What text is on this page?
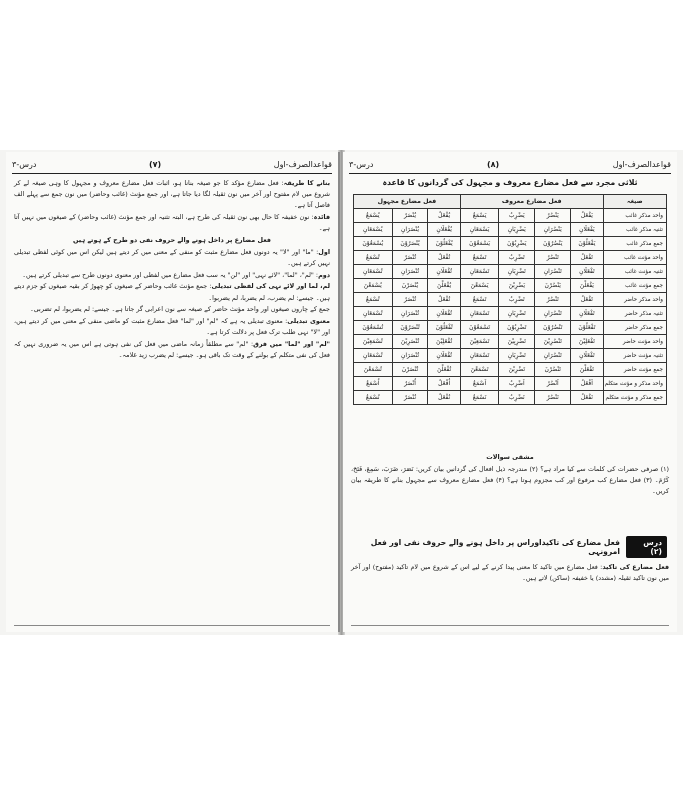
قواعدالصرف-اول
(۷)
درس-۳

بنانے کا طریقہ: فعل مضارع مؤکد کا جو صیغہ بنانا ہو، اثبات فعل مضارع معروف و مجہول کا وہی صیغہ لے کر شروع میں لام مفتوح اور آخر میں نون ثقیلہ لگا دیا جاتا ہے، اور جمع مؤنث (غائب وحاضر) میں نون جمع سے پہلے الف فاصل آتا ہے۔

فائدہ: نون خفیفہ کا حال بھی نون ثقیلہ کی طرح ہے، البتہ تثنیہ اور جمع مؤنث (غائب وحاضر) کے صیغوں میں نہیں آتا ہے۔

فعل مضارع پر داخل ہونے والے حروف نفی دو طرح کے ہوتے ہیں

اول: "ما" اور "لا" یہ دونوں فعل مضارع مثبت کو منفی کے معنی میں کر دیتے ہیں لیکن اس میں کوئی لفظی تبدیلی نہیں کرتے ہیں۔

دوم: "لم"، "لما"، "لائے نہی" اور "لن" یہ سب فعل مضارع میں لفظی اور معنوی دونوں طرح سے تبدیلی کرتے ہیں۔

لم، لما اور لائے نہی کی لفظی تبدیلی: جمع مؤنث غائب وحاضر کے صیغوں کو چھوڑ کر بقیہ صیغوں کو جزم دیتے ہیں۔ جیسے: لم یضرب، لم یضربا، لم یضربوا۔

جمع کے چاروں صیغوں اور واحد مؤنث حاضر کے صیغہ سے نون اعرابی گر جاتا ہے۔ جیسے: لم یضربوا، لم تضربی۔

معنوی تبدیلی: معنوی تبدیلی یہ ہے کہ "لم" اور "لما" فعل مضارع مثبت کو ماضی منفی کے معنی میں کر دیتے ہیں، اور "لا" نہی طلب ترک فعل پر دلالت کرتا ہے۔

"لم" اور "لما" میں فرق: "لم" سے مطلقاً زمانہ ماضی میں فعل کی نفی ہوتی ہے اس میں یہ ضروری نہیں کہ فعل کی نفی متکلم کے بولنے کے وقت تک باقی ہو۔ جیسے: لم یضرب زید غلامہ۔

قواعدالصرف-اول
(۸)
درس-۳
ثلاثی مجرد سے فعل مضارع معروف و مجہول کی گردانوں کا قاعدہ
صیغہ	فعل مضارع معروف				فعل مضارع مجہول		
واحد مذکر غائب	یَفْعَلُ	یَنْصُرُ	یَضْرِبُ	یَسْمَعُ	یُفْعَلُ	یُنْصَرُ	یُسْمَعُ
تثنیہ مذکر غائب	یَفْعَلَانِ	یَنْصُرَانِ	یَضْرِبَانِ	یَسْمَعَانِ	یُفْعَلَانِ	یُنْصَرَانِ	یُسْمَعَانِ
جمع مذکر غائب	یَفْعَلُوْنَ	یَنْصُرُوْنَ	یَضْرِبُوْنَ	یَسْمَعُوْنَ	یُفْعَلُوْنَ	یُنْصَرُوْنَ	یُسْمَعُوْنَ
واحد مؤنث غائب	تَفْعَلُ	تَنْصُرُ	تَضْرِبُ	تَسْمَعُ	تُفْعَلُ	تُنْصَرُ	تُسْمَعُ
تثنیہ مؤنث غائب	تَفْعَلَانِ	تَنْصُرَانِ	تَضْرِبَانِ	تَسْمَعَانِ	تُفْعَلَانِ	تُنْصَرَانِ	تُسْمَعَانِ
جمع مؤنث غائب	یَفْعَلْنَ	یَنْصُرْنَ	یَضْرِبْنَ	یَسْمَعْنَ	یُفْعَلْنَ	یُنْصَرْنَ	یُسْمَعْنَ
واحد مذکر حاضر	تَفْعَلُ	تَنْصُرُ	تَضْرِبُ	تَسْمَعُ	تُفْعَلُ	تُنْصَرُ	تُسْمَعُ
تثنیہ مذکر حاضر	تَفْعَلَانِ	تَنْصُرَانِ	تَضْرِبَانِ	تَسْمَعَانِ	تُفْعَلَانِ	تُنْصَرَانِ	تُسْمَعَانِ
جمع مذکر حاضر	تَفْعَلُوْنَ	تَنْصُرُوْنَ	تَضْرِبُوْنَ	تَسْمَعُوْنَ	تُفْعَلُوْنَ	تُنْصَرُوْنَ	تُسْمَعُوْنَ
واحد مؤنث حاضر	تَفْعَلِیْنَ	تَنْصُرِیْنَ	تَضْرِبِیْنَ	تَسْمَعِیْنَ	تُفْعَلِیْنَ	تُنْصَرِیْنَ	تُسْمَعِیْنَ
تثنیہ مؤنث حاضر	تَفْعَلَانِ	تَنْصُرَانِ	تَضْرِبَانِ	تَسْمَعَانِ	تُفْعَلَانِ	تُنْصَرَانِ	تُسْمَعَانِ
جمع مؤنث حاضر	تَفْعَلْنَ	تَنْصُرْنَ	تَضْرِبْنَ	تَسْمَعْنَ	تُفْعَلْنَ	تُنْصَرْنَ	تُسْمَعْنَ
واحد مذکر و مؤنث متکلم	اَفْعَلُ	اَنْصُرُ	اَضْرِبُ	اَسْمَعُ	اُفْعَلُ	اُنْصَرُ	اُسْمَعُ
جمع مذکر و مؤنث متکلم	نَفْعَلُ	نَنْصُرُ	نَضْرِبُ	نَسْمَعُ	نُفْعَلُ	نُنْصَرُ	نُسْمَعُ

مشقی سوالات

(۱) صرفی حضرات کی کلمات سے کیا مراد ہے؟ (۲) مندرجہ ذیل افعال کی گردانیں بیان کریں: نَصَرَ، ضَرَبَ، سَمِعَ، فَتَحَ، کَرُمَ۔ (۳) فعل مضارع کب مرفوع اور کب مجزوم ہوتا ہے؟ (۴) فعل مضارع معروف سے مجہول بنانے کا طریقہ بیان کریں۔

درس (۲)
فعل مضارع کی تاکیداوراس پر داخل ہونے والے حروف نفی اور فعل امرونہی

فعل مضارع کی تاکید: فعل مضارع میں تاکید کا معنی پیدا کرنے کے لیے اس کے شروع میں لام تاکید (مفتوح) اور آخر میں نون تاکید ثقیلہ (مشدد) یا خفیفہ (ساکن) لاتے ہیں۔
